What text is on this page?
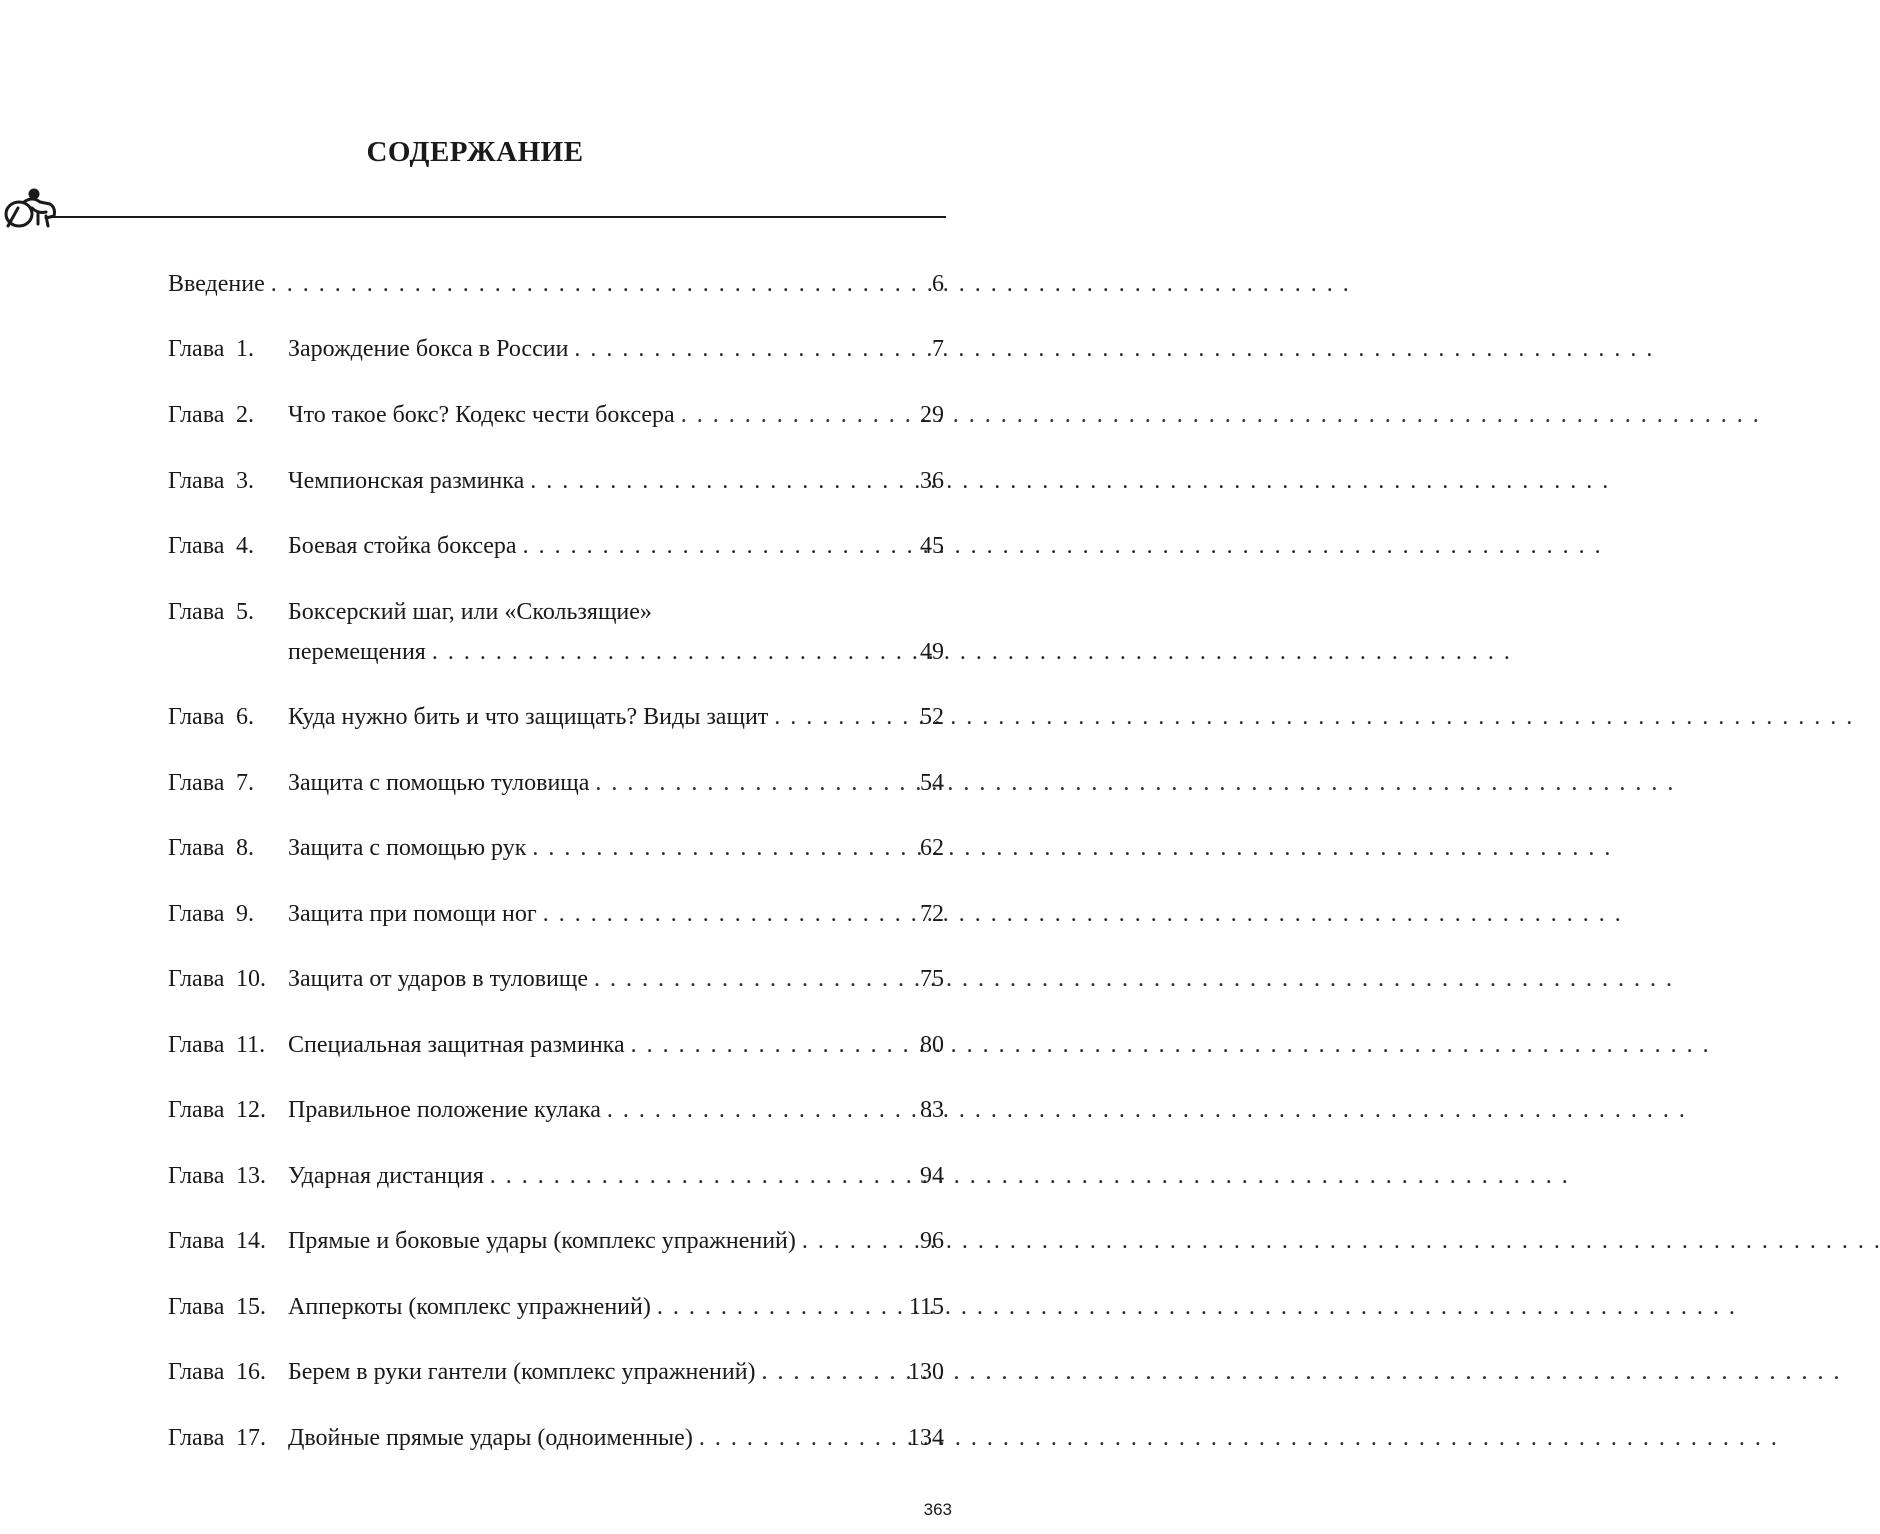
СОДЕРЖАНИЕ
Введение . . .	6
Глава 1.	Зарождение бокса в России . . .	7
Глава 2.	Что такое бокс? Кодекс чести боксера . . .	29
Глава 3.	Чемпионская разминка . . .	36
Глава 4.	Боевая стойка боксера . . .	45
Глава 5.	Боксерский шаг, или «Скользящие»
перемещения . . .	49
Глава 6.	Куда нужно бить и что защищать? Виды защит . . .	52
Глава 7.	Защита с помощью туловища . . .	54
Глава 8.	Защита с помощью рук . . .	62
Глава 9.	Защита при помощи ног . . .	72
Глава 10. Защита от ударов в туловище . . .	75
Глава 11. Специальная защитная разминка . . .	80
Глава 12. Правильное положение кулака . . .	83
Глава 13. Ударная дистанция . . .	94
Глава 14. Прямые и боковые удары (комплекс упражнений) . . .	96
Глава 15. Апперкоты (комплекс упражнений) . . .	115
Глава 16. Берем в руки гантели (комплекс упражнений) . . .	130
Глава 17. Двойные прямые удары (одноименные) . . .	134
363
